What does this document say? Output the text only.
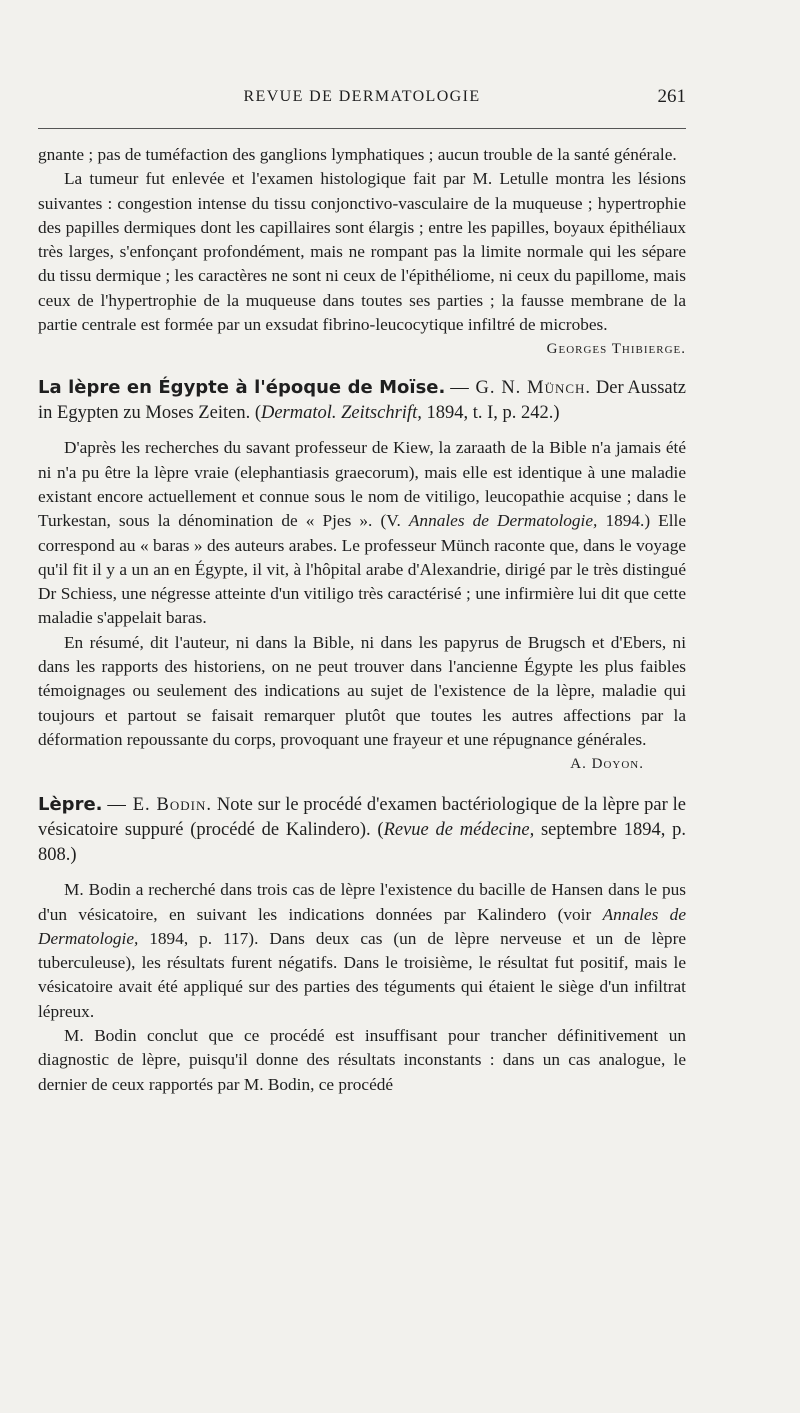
REVUE DE DERMATOLOGIE	261

gnante ; pas de tuméfaction des ganglions lymphatiques ; aucun trouble de la santé générale.

La tumeur fut enlevée et l'examen histologique fait par M. Letulle montra les lésions suivantes : congestion intense du tissu conjonctivo-vasculaire de la muqueuse ; hypertrophie des papilles dermiques dont les capillaires sont élargis ; entre les papilles, boyaux épithéliaux très larges, s'enfonçant profondément, mais ne rompant pas la limite normale qui les sépare du tissu dermique ; les caractères ne sont ni ceux de l'épithéliome, ni ceux du papillome, mais ceux de l'hypertrophie de la muqueuse dans toutes ses parties ; la fausse membrane de la partie centrale est formée par un exsudat fibrino-leucocytique infiltré de microbes.

Georges Thibierge.
La lèpre en Égypte à l'époque de Moïse. — G. N. Münch. Der Aussatz in Egypten zu Moses Zeiten. (Dermatol. Zeitschrift, 1894, t. I, p. 242.)

D'après les recherches du savant professeur de Kiew, la zaraath de la Bible n'a jamais été ni n'a pu être la lèpre vraie (elephantiasis graecorum), mais elle est identique à une maladie existant encore actuellement et connue sous le nom de vitiligo, leucopathie acquise ; dans le Turkestan, sous la dénomination de « Pjes ». (V. Annales de Dermatologie, 1894.) Elle correspond au « baras » des auteurs arabes. Le professeur Münch raconte que, dans le voyage qu'il fit il y a un an en Égypte, il vit, à l'hôpital arabe d'Alexandrie, dirigé par le très distingué Dr Schiess, une négresse atteinte d'un vitiligo très caractérisé ; une infirmière lui dit que cette maladie s'appelait baras.

En résumé, dit l'auteur, ni dans la Bible, ni dans les papyrus de Brugsch et d'Ebers, ni dans les rapports des historiens, on ne peut trouver dans l'ancienne Égypte les plus faibles témoignages ou seulement des indications au sujet de l'existence de la lèpre, maladie qui toujours et partout se faisait remarquer plutôt que toutes les autres affections par la déformation repoussante du corps, provoquant une frayeur et une répugnance générales.

A. Doyon.
Lèpre. — E. Bodin. Note sur le procédé d'examen bactériologique de la lèpre par le vésicatoire suppuré (procédé de Kalindero). (Revue de médecine, septembre 1894, p. 808.)

M. Bodin a recherché dans trois cas de lèpre l'existence du bacille de Hansen dans le pus d'un vésicatoire, en suivant les indications données par Kalindero (voir Annales de Dermatologie, 1894, p. 117). Dans deux cas (un de lèpre nerveuse et un de lèpre tuberculeuse), les résultats furent négatifs. Dans le troisième, le résultat fut positif, mais le vésicatoire avait été appliqué sur des parties des téguments qui étaient le siège d'un infiltrat lépreux.

M. Bodin conclut que ce procédé est insuffisant pour trancher définitivement un diagnostic de lèpre, puisqu'il donne des résultats inconstants : dans un cas analogue, le dernier de ceux rapportés par M. Bodin, ce procédé
